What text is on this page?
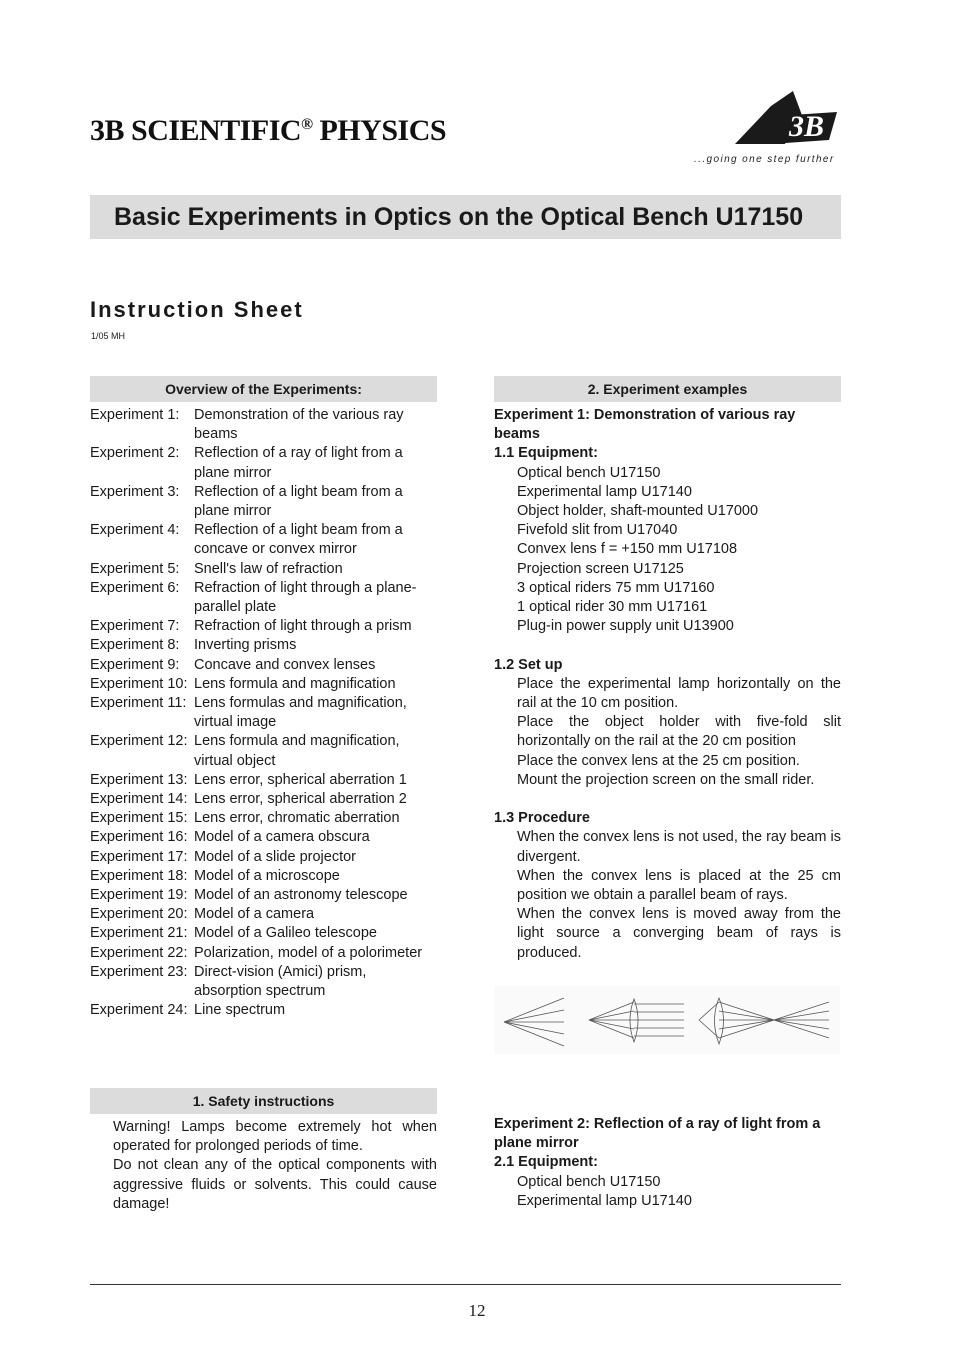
3B SCIENTIFIC® PHYSICS	3B
...going one step further
Basic Experiments in Optics on the Optical Bench U17150
Instruction Sheet
1/05 MH
Overview of the Experiments:
Experiment 1:	Demonstration of the various ray beams
Experiment 2:	Reflection of a ray of light from a plane mirror
Experiment 3:	Reflection of a light beam from a plane mirror
Experiment 4:	Reflection of a light beam from a concave or convex mirror
Experiment 5:	Snell's law of refraction
Experiment 6:	Refraction of light through a plane-parallel plate
Experiment 7:	Refraction of light through a prism
Experiment 8:	Inverting prisms
Experiment 9:	Concave and convex lenses
Experiment 10: Lens formula and magnification
Experiment 11: Lens formulas and magnification, virtual image
Experiment 12: Lens formula and magnification, virtual object
Experiment 13: Lens error, spherical aberration 1
Experiment 14: Lens error, spherical aberration 2
Experiment 15: Lens error, chromatic aberration
Experiment 16: Model of a camera obscura
Experiment 17: Model of a slide projector
Experiment 18: Model of a microscope
Experiment 19: Model of an astronomy telescope
Experiment 20: Model of a camera
Experiment 21: Model of a Galileo telescope
Experiment 22: Polarization, model of a polorimeter
Experiment 23: Direct-vision (Amici) prism, absorption spectrum
Experiment 24: Line spectrum
1. Safety instructions
Warning! Lamps become extremely hot when operated for prolonged periods of time.
Do not clean any of the optical components with aggressive fluids or solvents. This could cause damage!
2. Experiment examples
Experiment 1: Demonstration of various ray beams
1.1 Equipment:
Optical bench U17150
Experimental lamp U17140
Object holder, shaft-mounted U17000
Fivefold slit from U17040
Convex lens f = +150 mm U17108
Projection screen U17125
3 optical riders 75 mm U17160
1 optical rider 30 mm U17161
Plug-in power supply unit U13900
1.2 Set up
Place the experimental lamp horizontally on the rail at the 10 cm position.
Place the object holder with five-fold slit horizontally on the rail at the 20 cm position
Place the convex lens at the 25 cm position.
Mount the projection screen on the small rider.
1.3 Procedure
When the convex lens is not used, the ray beam is divergent.
When the convex lens is placed at the 25 cm position we obtain a parallel beam of rays.
When the convex lens is moved away from the light source a converging beam of rays is produced.
Experiment 2: Reflection of a ray of light from a plane mirror
2.1 Equipment:
Optical bench U17150
Experimental lamp U17140
12
